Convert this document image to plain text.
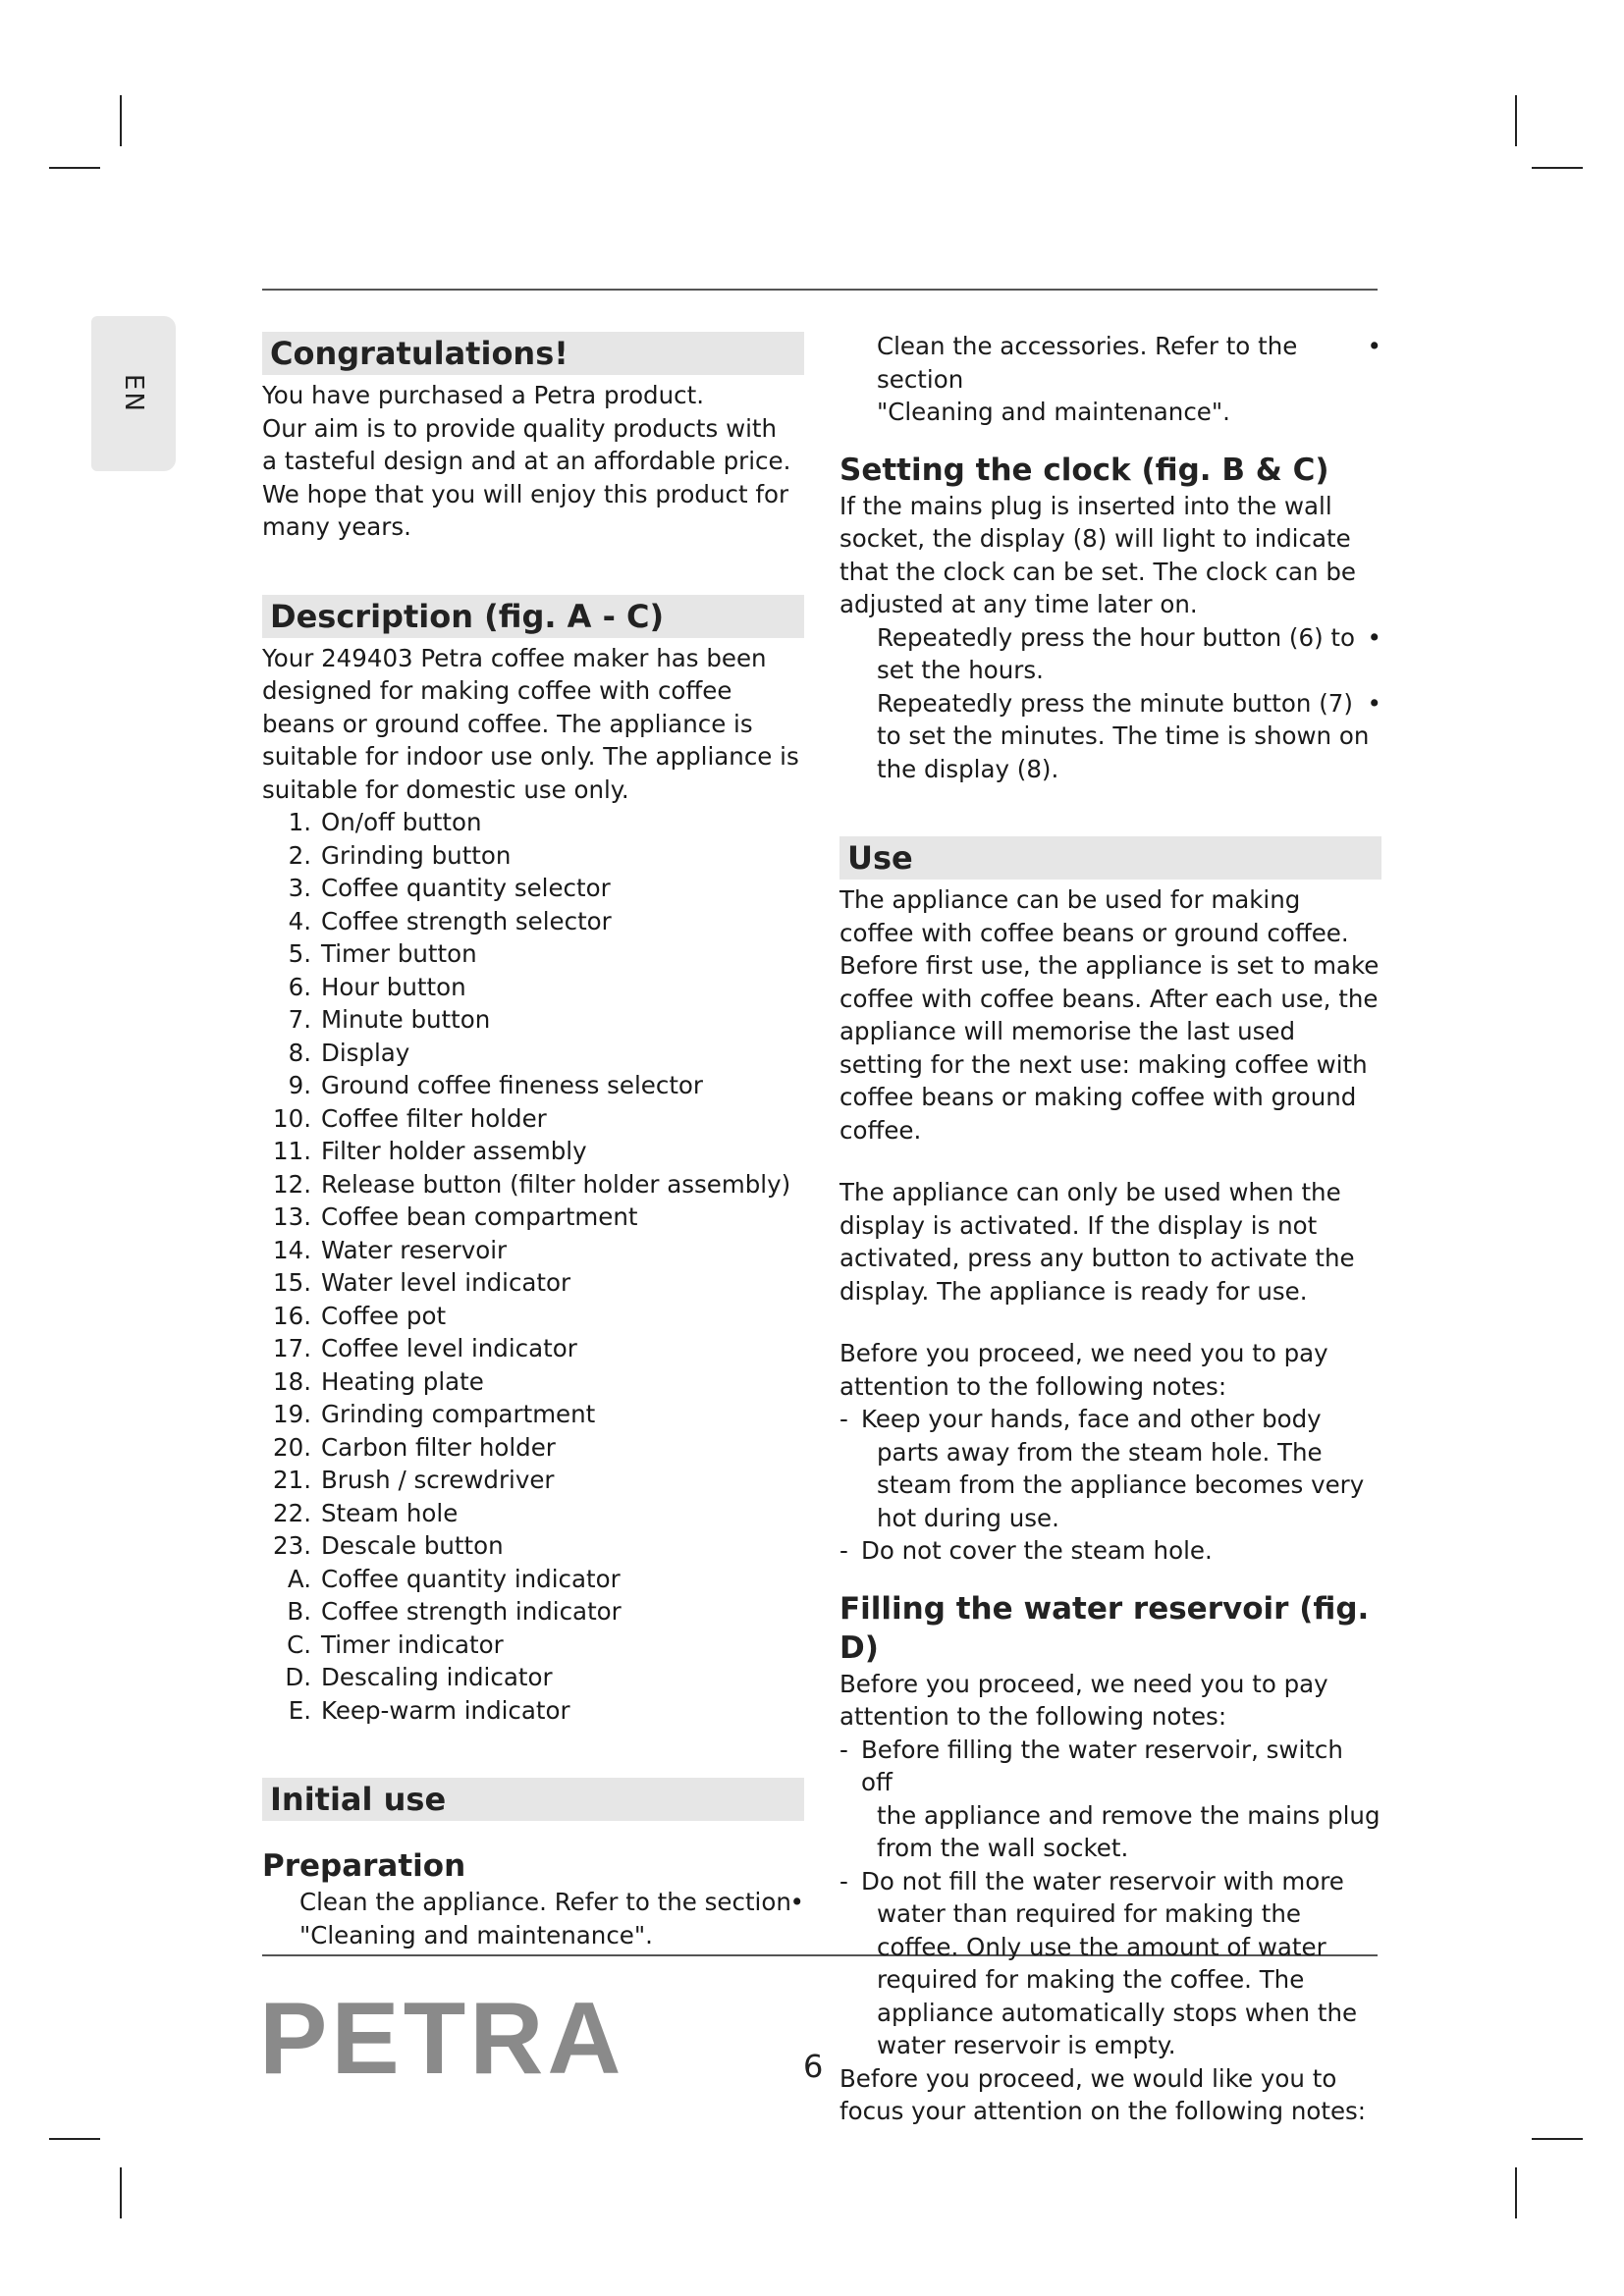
EN
Congratulations!

You have purchased a Petra product.

Our aim is to provide quality products with

a tasteful design and at an affordable price.

We hope that you will enjoy this product for

many years.

Description (fig. A - C)

Your 249403 Petra coffee maker has been designed for making coffee with coffee beans or ground coffee. The appliance is suitable for indoor use only. The appliance is suitable for domestic use only.

1. On/off button
2. Grinding button
3. Coffee quantity selector
4. Coffee strength selector
5. Timer button
6. Hour button
7. Minute button
8. Display
9. Ground coffee fineness selector
10. Coffee filter holder
11. Filter holder assembly
12. Release button (filter holder assembly)
13. Coffee bean compartment
14. Water reservoir
15. Water level indicator
16. Coffee pot
17. Coffee level indicator
18. Heating plate
19. Grinding compartment
20. Carbon filter holder
21. Brush / screwdriver
22. Steam hole
23. Descale button
A. Coffee quantity indicator
B. Coffee strength indicator
C. Timer indicator
D. Descaling indicator
E. Keep-warm indicator
Initial use

Preparation

Clean the appliance. Refer to the section
"Cleaning and maintenance".
•
Clean the accessories. Refer to the section
"Cleaning and maintenance".
•

Setting the clock (fig. B & C)

If the mains plug is inserted into the wall socket, the display (8) will light to indicate that the clock can be set. The clock can be adjusted at any time later on.

Repeatedly press the hour button (6) to set the hours.
•
Repeatedly press the minute button (7) to set the minutes. The time is shown on the display (8).
•
Use

The appliance can be used for making coffee with coffee beans or ground coffee. Before first use, the appliance is set to make coffee with coffee beans. After each use, the appliance will memorise the last used setting for the next use: making coffee with coffee beans or making coffee with ground coffee.

The appliance can only be used when the display is activated. If the display is not activated, press any button to activate the display. The appliance is ready for use.

Before you proceed, we need you to pay attention to the following notes:

- Keep your hands, face and other body
parts away from the steam hole. The steam from the appliance becomes very hot during use.
- Do not cover the steam hole.

Filling the water reservoir (fig. D)

Before you proceed, we need you to pay attention to the following notes:

- Before filling the water reservoir, switch off
the appliance and remove the mains plug from the wall socket.
- Do not fill the water reservoir with more
water than required for making the coffee. Only use the amount of water required for making the coffee. The appliance automatically stops when the water reservoir is empty.

Before you proceed, we would like you to focus your attention on the following notes:

PETRA	6
